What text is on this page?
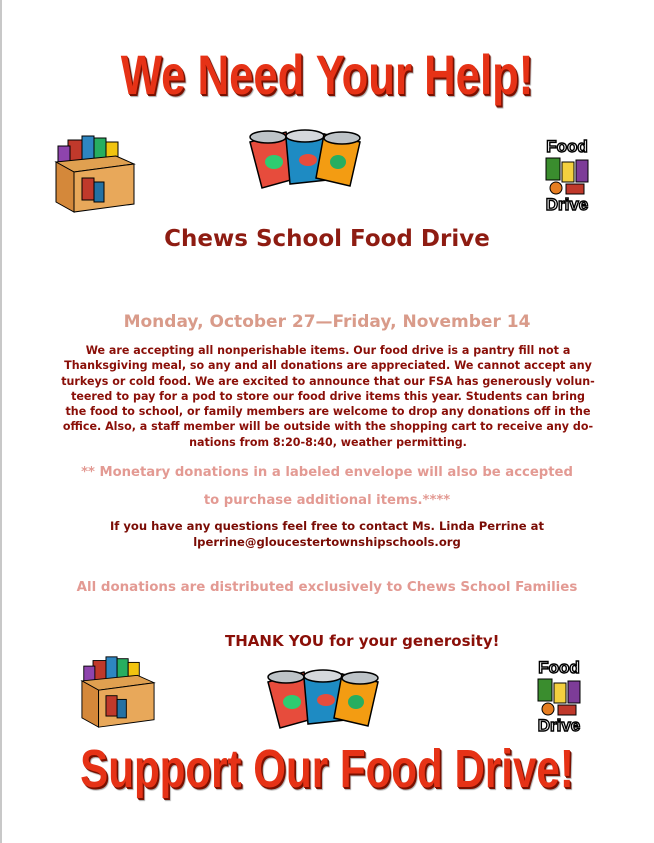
We Need Your Help!
Food
Drive
Chews School Food Drive
Monday, October 27—Friday, November 14
We are accepting all nonperishable items. Our food drive is a pantry fill not a
Thanksgiving meal, so any and all donations are appreciated. We cannot accept any
turkeys or cold food. We are excited to announce that our FSA has generously volun-
teered to pay for a pod to store our food drive items this year. Students can bring
the food to school, or family members are welcome to drop any donations off in the
office. Also, a staff member will be outside with the shopping cart to receive any do-
nations from 8:20-8:40, weather permitting.
** Monetary donations in a labeled envelope will also be accepted
to purchase additional items.****
If you have any questions feel free to contact Ms. Linda Perrine at
lperrine@gloucestertownshipschools.org
All donations are distributed exclusively to Chews School Families
THANK YOU for your generosity!
Food
Drive
Support Our Food Drive!
